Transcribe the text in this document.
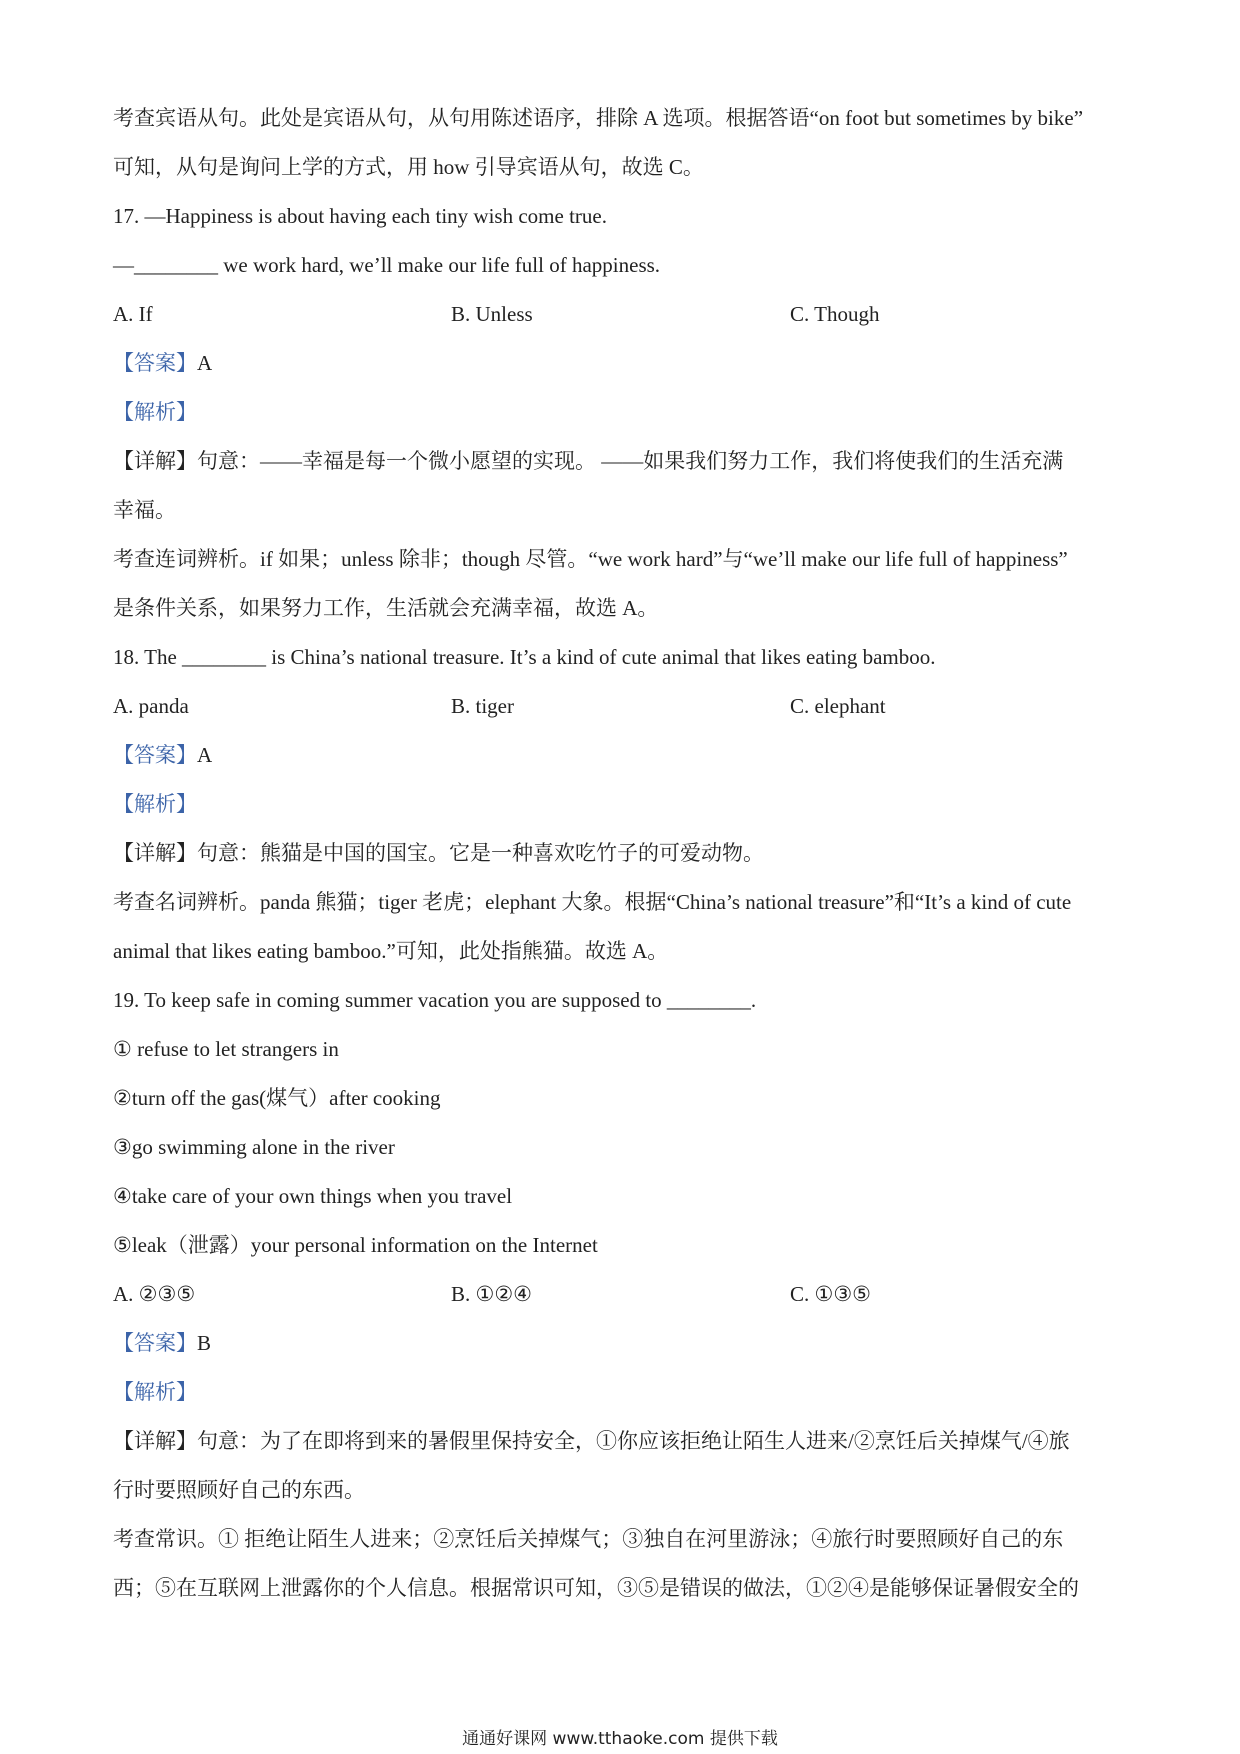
考查宾语从句。此处是宾语从句，从句用陈述语序，排除 A 选项。根据答语“on foot but sometimes by bike”
可知，从句是询问上学的方式，用 how 引导宾语从句，故选 C。
17. —Happiness is about having each tiny wish come true.
—________ we work hard, we’ll make our life full of happiness.
A. If	B. Unless	C. Though
【答案】A
【解析】
【详解】句意：——幸福是每一个微小愿望的实现。 ——如果我们努力工作，我们将使我们的生活充满
幸福。
考查连词辨析。if 如果；unless 除非；though 尽管。“we work hard”与“we’ll make our life full of happiness”
是条件关系，如果努力工作，生活就会充满幸福，故选 A。
18. The ________ is China’s national treasure. It’s a kind of cute animal that likes eating bamboo.
A. panda	B. tiger	C. elephant
【答案】A
【解析】
【详解】句意：熊猫是中国的国宝。它是一种喜欢吃竹子的可爱动物。
考查名词辨析。panda 熊猫；tiger 老虎；elephant 大象。根据“China’s national treasure”和“It’s a kind of cute
animal that likes eating bamboo.”可知，此处指熊猫。故选 A。
19. To keep safe in coming summer vacation you are supposed to ________.
① refuse to let strangers in
②turn off the gas(煤气）after cooking
③go swimming alone in the river
④take care of your own things when you travel
⑤leak（泄露）your personal information on the Internet
A. ②③⑤	B. ①②④	C. ①③⑤
【答案】B
【解析】
【详解】句意：为了在即将到来的暑假里保持安全，①你应该拒绝让陌生人进来/②烹饪后关掉煤气/④旅
行时要照顾好自己的东西。
考查常识。① 拒绝让陌生人进来；②烹饪后关掉煤气；③独自在河里游泳；④旅行时要照顾好自己的东
西；⑤在互联网上泄露你的个人信息。根据常识可知，③⑤是错误的做法，①②④是能够保证暑假安全的
通通好课网 www.tthaoke.com 提供下载
